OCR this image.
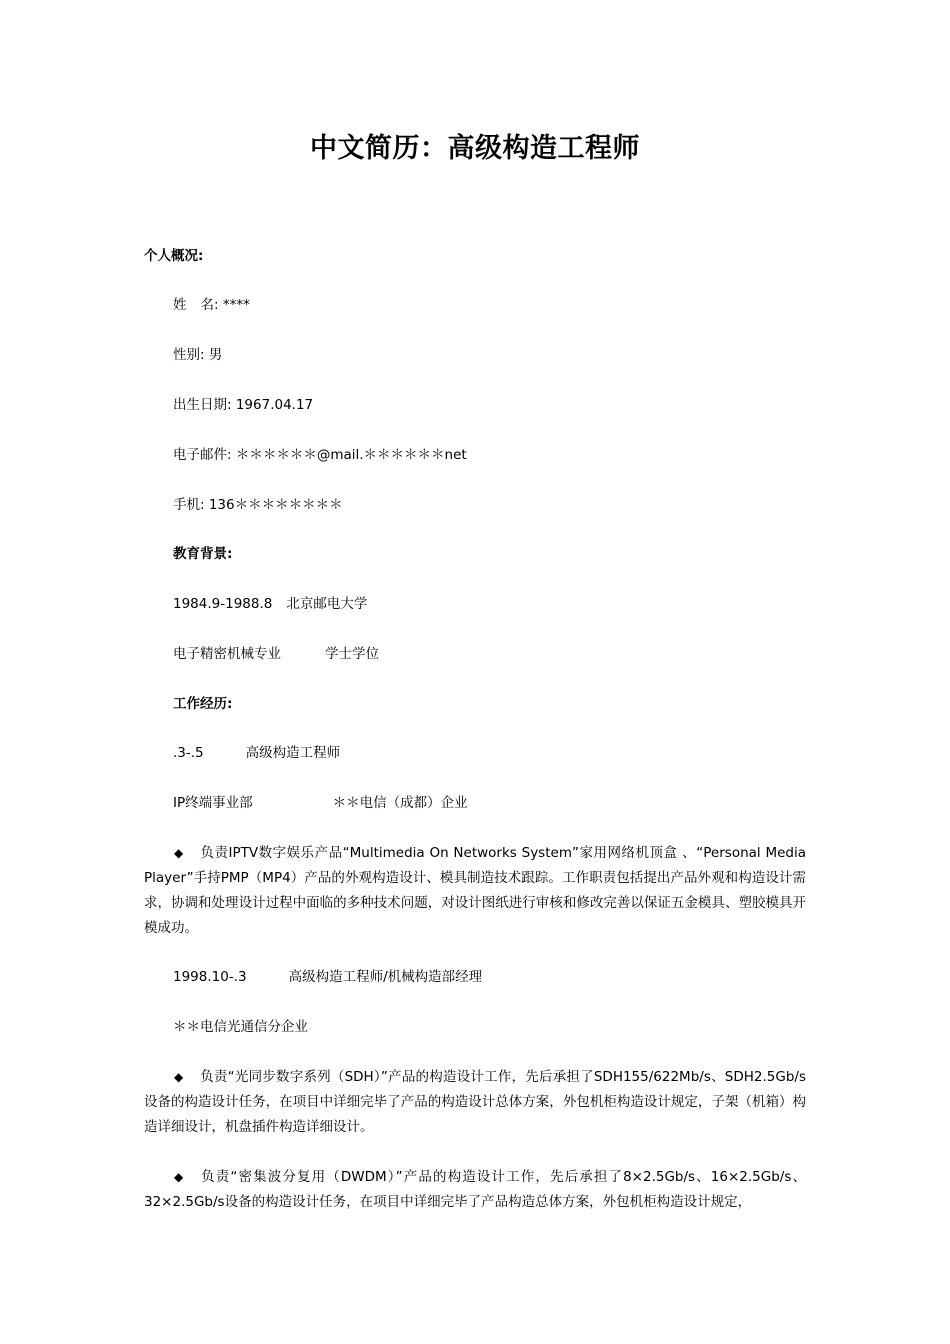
中文简历：高级构造工程师
个人概况:
姓 名: ****
性别: 男
出生日期: 1967.04.17
电子邮件: ＊＊＊＊＊＊@mail.＊＊＊＊＊＊net
手机: 136＊＊＊＊＊＊＊＊
教育背景:
1984.9-1988.8 北京邮电大学
电子精密机械专业	学士学位
工作经历:
.3-.5	高级构造工程师
IP终端事业部	＊＊电信（成都）企业
◆ 负责IPTV数字娱乐产品“Multimedia On Networks System”家用网络机顶盒 、“Personal Media Player”手持PMP（MP4）产品的外观构造设计、模具制造技术跟踪。工作职责包括提出产品外观和构造设计需求，协调和处理设计过程中面临的多种技术问题，对设计图纸进行审核和修改完善以保证五金模具、塑胶模具开模成功。
1998.10-.3	高级构造工程师/机械构造部经理
＊＊电信光通信分企业
◆ 负责“光同步数字系列（SDH）”产品的构造设计工作，先后承担了SDH155/622Mb/s、SDH2.5Gb/s设备的构造设计任务，在项目中详细完毕了产品的构造设计总体方案，外包机柜构造设计规定，子架（机箱）构造详细设计，机盘插件构造详细设计。
◆ 负责“密集波分复用（DWDM）”产品的构造设计工作，先后承担了8×2.5Gb/s、16×2.5Gb/s、32×2.5Gb/s设备的构造设计任务，在项目中详细完毕了产品构造总体方案，外包机柜构造设计规定，
